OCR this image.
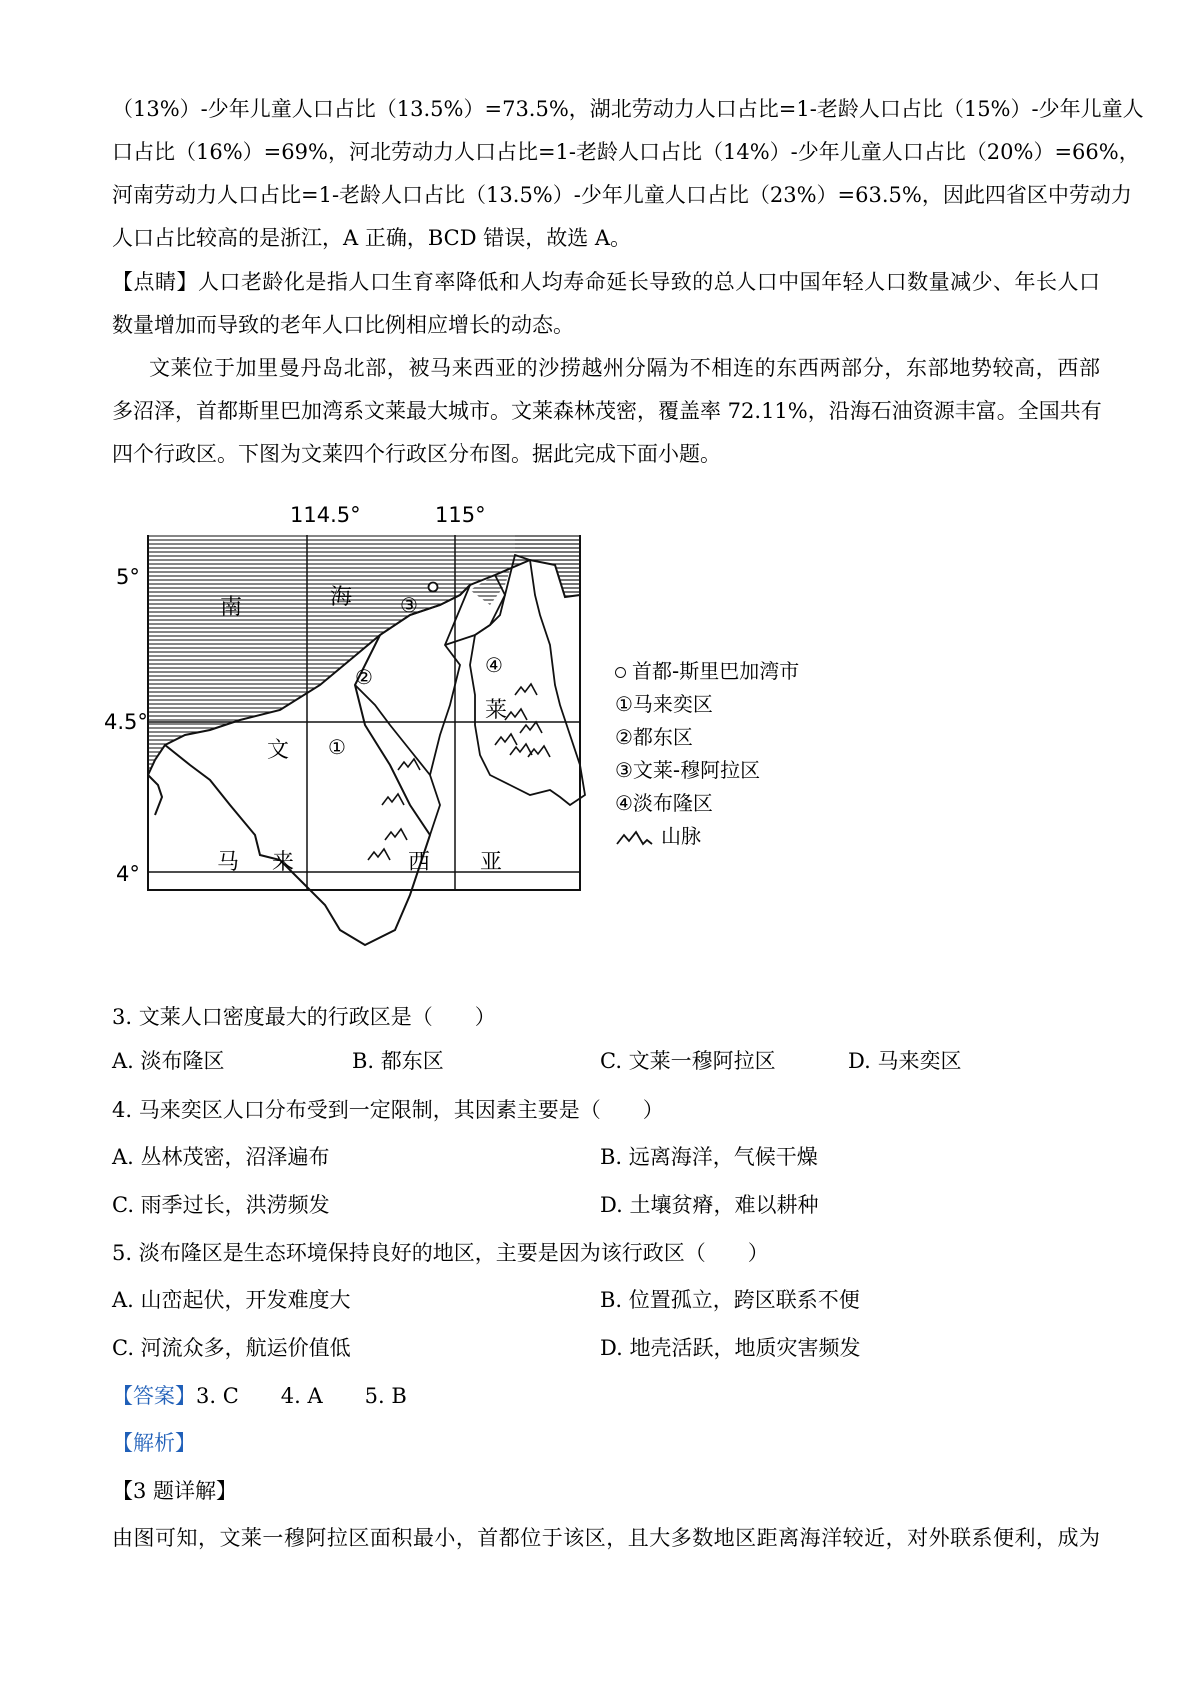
（13%）-少年儿童人口占比（13.5%）=73.5%，湖北劳动力人口占比=1-老龄人口占比（15%）-少年儿童人
口占比（16%）=69%，河北劳动力人口占比=1-老龄人口占比（14%）-少年儿童人口占比（20%）=66%，
河南劳动力人口占比=1-老龄人口占比（13.5%）-少年儿童人口占比（23%）=63.5%，因此四省区中劳动力
人口占比较高的是浙江，A 正确，BCD 错误，故选 A。
【点睛】人口老龄化是指人口生育率降低和人均寿命延长导致的总人口中国年轻人口数量减少、年长人口
数量增加而导致的老年人口比例相应增长的动态。
文莱位于加里曼丹岛北部，被马来西亚的沙捞越州分隔为不相连的东西两部分，东部地势较高，西部
多沼泽，首都斯里巴加湾系文莱最大城市。文莱森林茂密，覆盖率 72.11%，沿海石油资源丰富。全国共有
四个行政区。下图为文莱四个行政区分布图。据此完成下面小题。
114.5°	115°
5°
4.5°
4°
南	海 ③
②
①
④
文
莱
马 来	西 亚
首都-斯里巴加湾市
①马来奕区
②都东区
③文莱-穆阿拉区
④淡布隆区
山脉
3. 文莱人口密度最大的行政区是（　　）
A. 淡布隆区	B. 都东区	C. 文莱一穆阿拉区	D. 马来奕区
4. 马来奕区人口分布受到一定限制，其因素主要是（　　）
A. 丛林茂密，沼泽遍布	B. 远离海洋，气候干燥
C. 雨季过长，洪涝频发	D. 土壤贫瘠，难以耕种
5. 淡布隆区是生态环境保持良好的地区，主要是因为该行政区（　　）
A. 山峦起伏，开发难度大	B. 位置孤立，跨区联系不便
C. 河流众多，航运价值低	D. 地壳活跃，地质灾害频发
【答案】3. C　　4. A　　5. B
【解析】
【3 题详解】
由图可知，文莱一穆阿拉区面积最小，首都位于该区，且大多数地区距离海洋较近，对外联系便利，成为
